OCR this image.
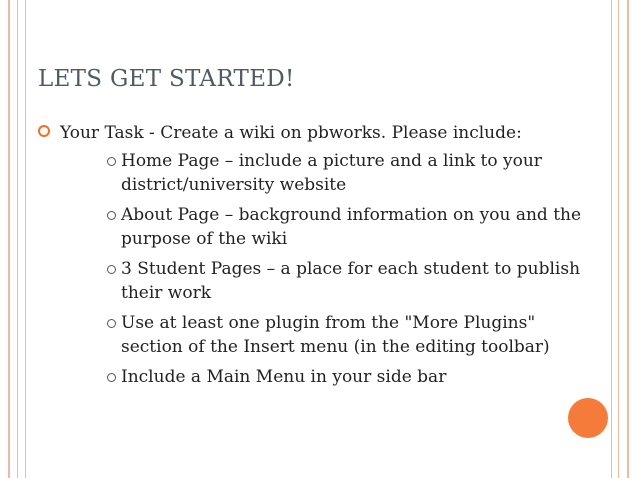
LETS GET STARTED!
Your Task - Create a wiki on pbworks. Please include:
Home Page – include a picture and a link to your district/university website
About Page – background information on you and the purpose of the wiki
3 Student Pages – a place for each student to publish their work
Use at least one plugin from the "More Plugins" section of the Insert menu (in the editing toolbar)
Include a Main Menu in your side bar
